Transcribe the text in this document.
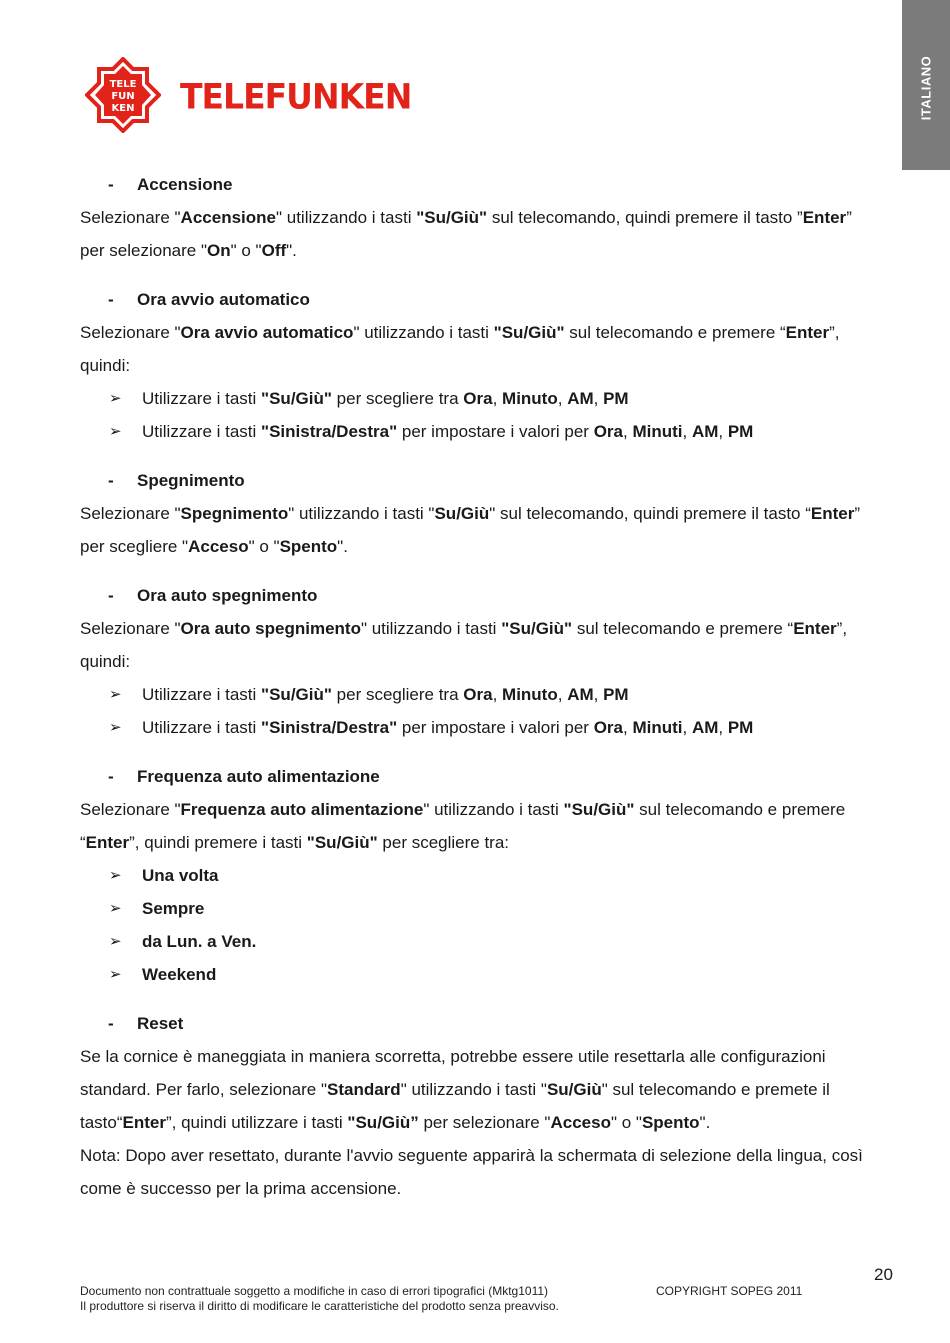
ITALIANO
TELE
FUN
KEN TELEFUNKEN

- Accensione

Selezionare "Accensione" utilizzando i tasti "Su/Giù" sul telecomando, quindi premere il tasto ”Enter”

per selezionare "On" o "Off".

- Ora avvio automatico

Selezionare "Ora avvio automatico" utilizzando i tasti "Su/Giù" sul telecomando e premere “Enter”,

quindi:

➢ Utilizzare i tasti "Su/Giù" per scegliere tra Ora, Minuto, AM, PM

➢ Utilizzare i tasti "Sinistra/Destra" per impostare i valori per Ora, Minuti, AM, PM

- Spegnimento

Selezionare "Spegnimento" utilizzando i tasti "Su/Giù" sul telecomando, quindi premere il tasto “Enter”

per scegliere "Acceso" o "Spento".

- Ora auto spegnimento

Selezionare "Ora auto spegnimento" utilizzando i tasti "Su/Giù" sul telecomando e premere “Enter”,

quindi:

➢ Utilizzare i tasti "Su/Giù" per scegliere tra Ora, Minuto, AM, PM

➢ Utilizzare i tasti "Sinistra/Destra" per impostare i valori per Ora, Minuti, AM, PM

- Frequenza auto alimentazione

Selezionare "Frequenza auto alimentazione" utilizzando i tasti "Su/Giù" sul telecomando e premere

“Enter”, quindi premere i tasti "Su/Giù" per scegliere tra:

➢ Una volta

➢ Sempre

➢ da Lun. a Ven.

➢ Weekend

- Reset

Se la cornice è maneggiata in maniera scorretta, potrebbe essere utile resettarla alle configurazioni

standard. Per farlo, selezionare "Standard" utilizzando i tasti "Su/Giù" sul telecomando e premete il

tasto“Enter”, quindi utilizzare i tasti "Su/Giù” per selezionare "Acceso" o "Spento".

Nota: Dopo aver resettato, durante l'avvio seguente apparirà la schermata di selezione della lingua, così

come è successo per la prima accensione.

20
Documento non contrattuale soggetto a modifiche in caso di errori tipografici (Mktg1011)
Il produttore si riserva il diritto di modificare le caratteristiche del prodotto senza preavviso.
COPYRIGHT SOPEG 2011
